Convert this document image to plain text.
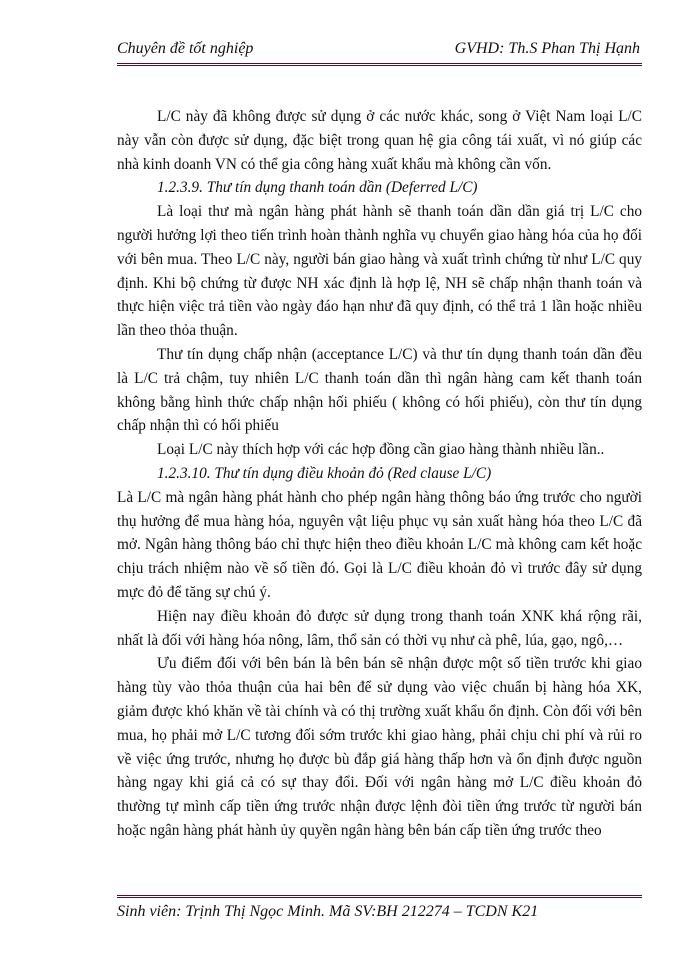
Chuyên đề tốt nghiệp	GVHD: Th.S Phan Thị Hạnh

L/C này đã không được sử dụng ở các nước khác, song ở Việt Nam loại L/C này vẫn còn được sử dụng, đặc biệt trong quan hệ gia công tái xuất, vì nó giúp các nhà kinh doanh VN có thể gia công hàng xuất khẩu mà không cần vốn.

1.2.3.9. Thư tín dụng thanh toán dần (Deferred L/C)

Là loại thư mà ngân hàng phát hành sẽ thanh toán dần dần giá trị L/C cho người hưởng lợi theo tiến trình hoàn thành nghĩa vụ chuyển giao hàng hóa của họ đối với bên mua. Theo L/C này, người bán giao hàng và xuất trình chứng từ như L/C quy định. Khi bộ chứng từ được NH xác định là hợp lệ, NH sẽ chấp nhận thanh toán và thực hiện việc trả tiền vào ngày đáo hạn như đã quy định, có thể trả 1 lần hoặc nhiều lần theo thỏa thuận.

Thư tín dụng chấp nhận (acceptance L/C) và thư tín dụng thanh toán dần đều là L/C trả chậm, tuy nhiên L/C thanh toán dần thì ngân hàng cam kết thanh toán không bằng hình thức chấp nhận hối phiếu ( không có hối phiếu), còn thư tín dụng chấp nhận thì có hối phiếu

Loại L/C này thích hợp với các hợp đồng cần giao hàng thành nhiều lần..

1.2.3.10. Thư tín dụng điều khoản đỏ (Red clause L/C)

Là L/C mà ngân hàng phát hành cho phép ngân hàng thông báo ứng trước cho người thụ hưởng để mua hàng hóa, nguyên vật liệu phục vụ sản xuất hàng hóa theo L/C đã mở. Ngân hàng thông báo chỉ thực hiện theo điều khoản L/C mà không cam kết hoặc chịu trách nhiệm nào về số tiền đó. Gọi là L/C điều khoản đỏ vì trước đây sử dụng mực đỏ để tăng sự chú ý.

Hiện nay điều khoản đỏ được sử dụng trong thanh toán XNK khá rộng rãi, nhất là đối với hàng hóa nông, lâm, thổ sản có thời vụ như cà phê, lúa, gạo, ngô,…

Ưu điểm đối với bên bán là bên bán sẽ nhận được một số tiền trước khi giao hàng tùy vào thỏa thuận của hai bên để sử dụng vào việc chuẩn bị hàng hóa XK, giảm được khó khăn về tài chính và có thị trường xuất khẩu ổn định. Còn đối với bên mua, họ phải mở L/C tương đối sớm trước khi giao hàng, phải chịu chi phí và rủi ro về việc ứng trước, nhưng họ được bù đắp giá hàng thấp hơn và ổn định được nguồn hàng ngay khi giá cả có sự thay đổi. Đối với ngân hàng mở L/C điều khoản đỏ thường tự mình cấp tiền ứng trước nhận được lệnh đòi tiền ứng trước từ người bán hoặc ngân hàng phát hành ủy quyền ngân hàng bên bán cấp tiền ứng trước theo

Sinh viên: Trịnh Thị Ngọc Minh. Mã SV:BH 212274 – TCDN K21
